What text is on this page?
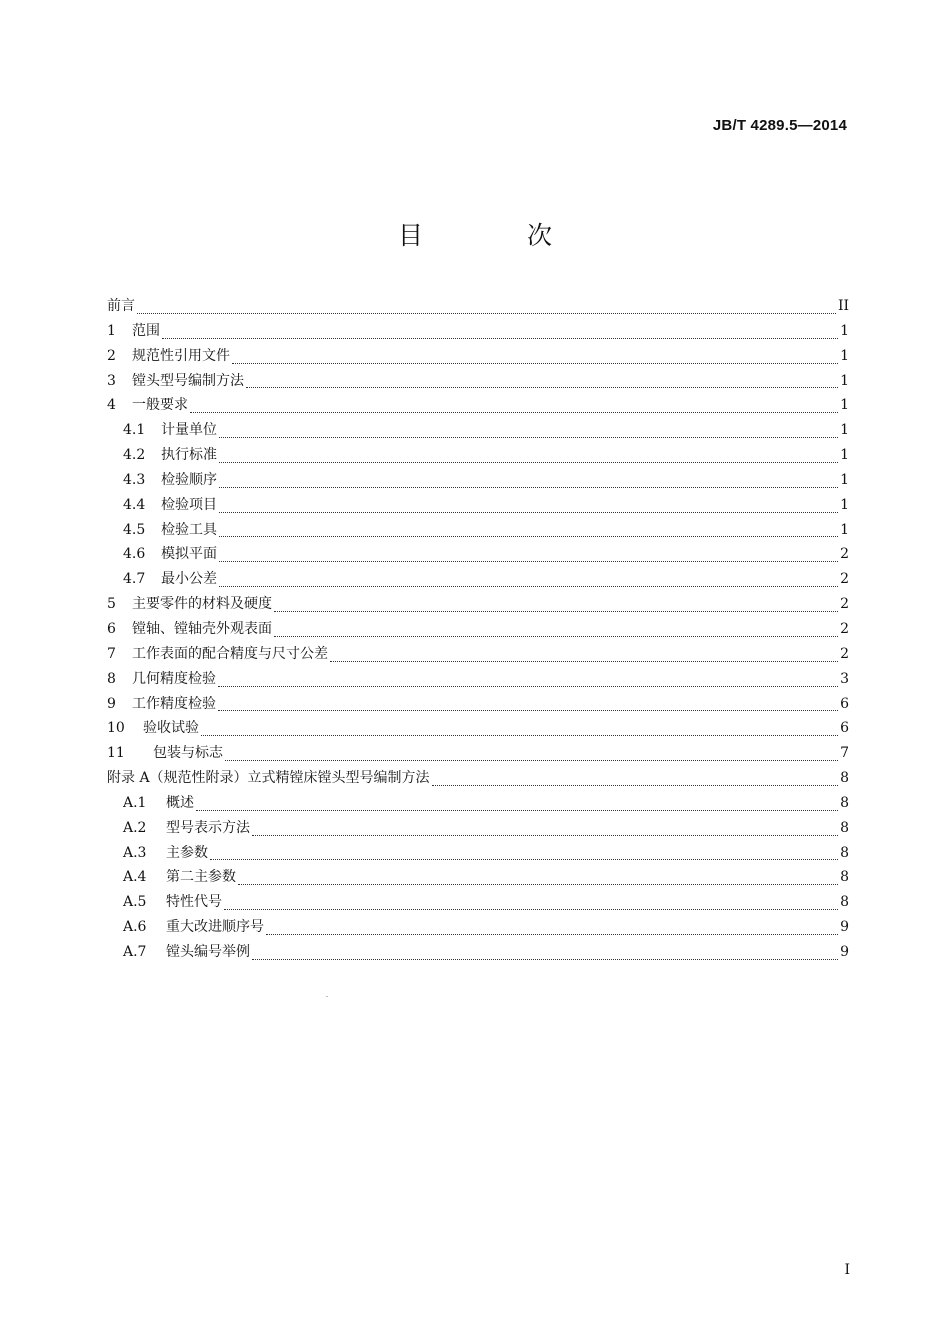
JB/T 4289.5—2014
目 次
前言	II
1	范围	1
2	规范性引用文件	1
3	镗头型号编制方法	1
4	一般要求	1
4.1	计量单位	1
4.2	执行标准	1
4.3	检验顺序	1
4.4	检验项目	1
4.5	检验工具	1
4.6	模拟平面	2
4.7	最小公差	2
5	主要零件的材料及硬度	2
6	镗轴、镗轴壳外观表面	2
7	工作表面的配合精度与尺寸公差	2
8	几何精度检验	3
9	工作精度检验	6
10	验收试验	6
11	包装与标志	7
附录 A（规范性附录）立式精镗床镗头型号编制方法	8
A.1	概述	8
A.2	型号表示方法	8
A.3	主参数	8
A.4	第二主参数	8
A.5	特性代号	8
A.6	重大改进顺序号	9
A.7	镗头编号举例	9
I
